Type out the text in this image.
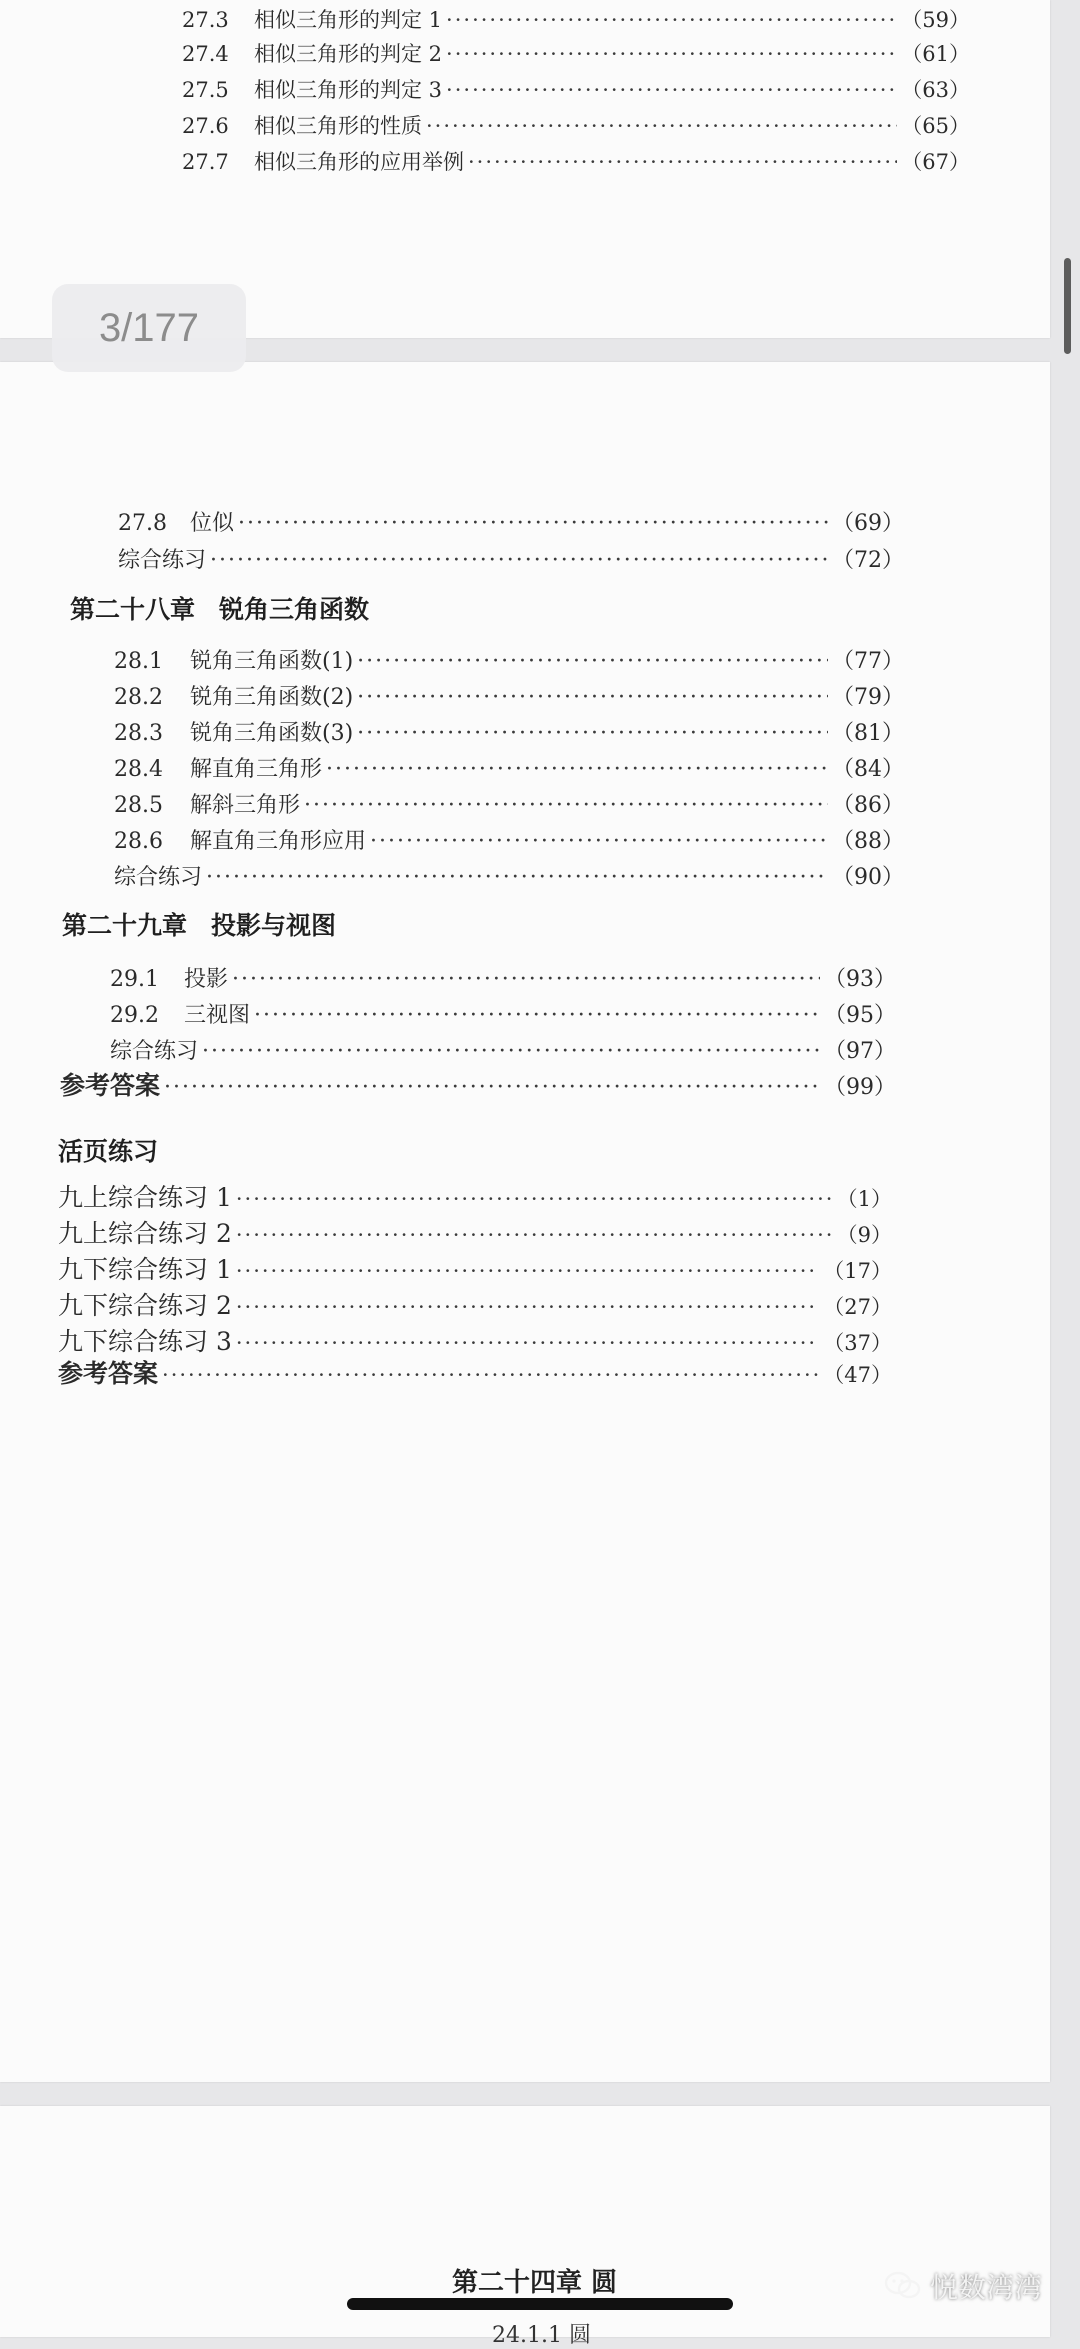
27.3	相似三角形的判定 1 ·····	（59）
27.4	相似三角形的判定 2 ·····	（61）
27.5	相似三角形的判定 3 ·····	（63）
27.6	相似三角形的性质 ·····	（65）
27.7	相似三角形的应用举例 ·····	（67）
27.8	位似 ·····	（69）
综合练习 ·····	（72）
第二十八章 锐角三角函数
28.1	锐角三角函数(1) ·····	（77）
28.2	锐角三角函数(2) ·····	（79）
28.3	锐角三角函数(3) ·····	（81）
28.4	解直角三角形 ·····	（84）
28.5	解斜三角形 ·····	（86）
28.6	解直角三角形应用 ·····	（88）
综合练习 ·····	（90）
第二十九章 投影与视图
29.1	投影 ·····	（93）
29.2	三视图 ·····	（95）
综合练习 ·····	（97）
参考答案 ·····	（99）
活页练习
九上综合练习 1 ·····	（1）
九上综合练习 2 ·····	（9）
九下综合练习 1 ·····	（17）
九下综合练习 2 ·····	（27）
九下综合练习 3 ·····	（37）
参考答案 ·····	（47）
第二十四章 圆
24.1.1 圆
3/177
悦数湾湾
